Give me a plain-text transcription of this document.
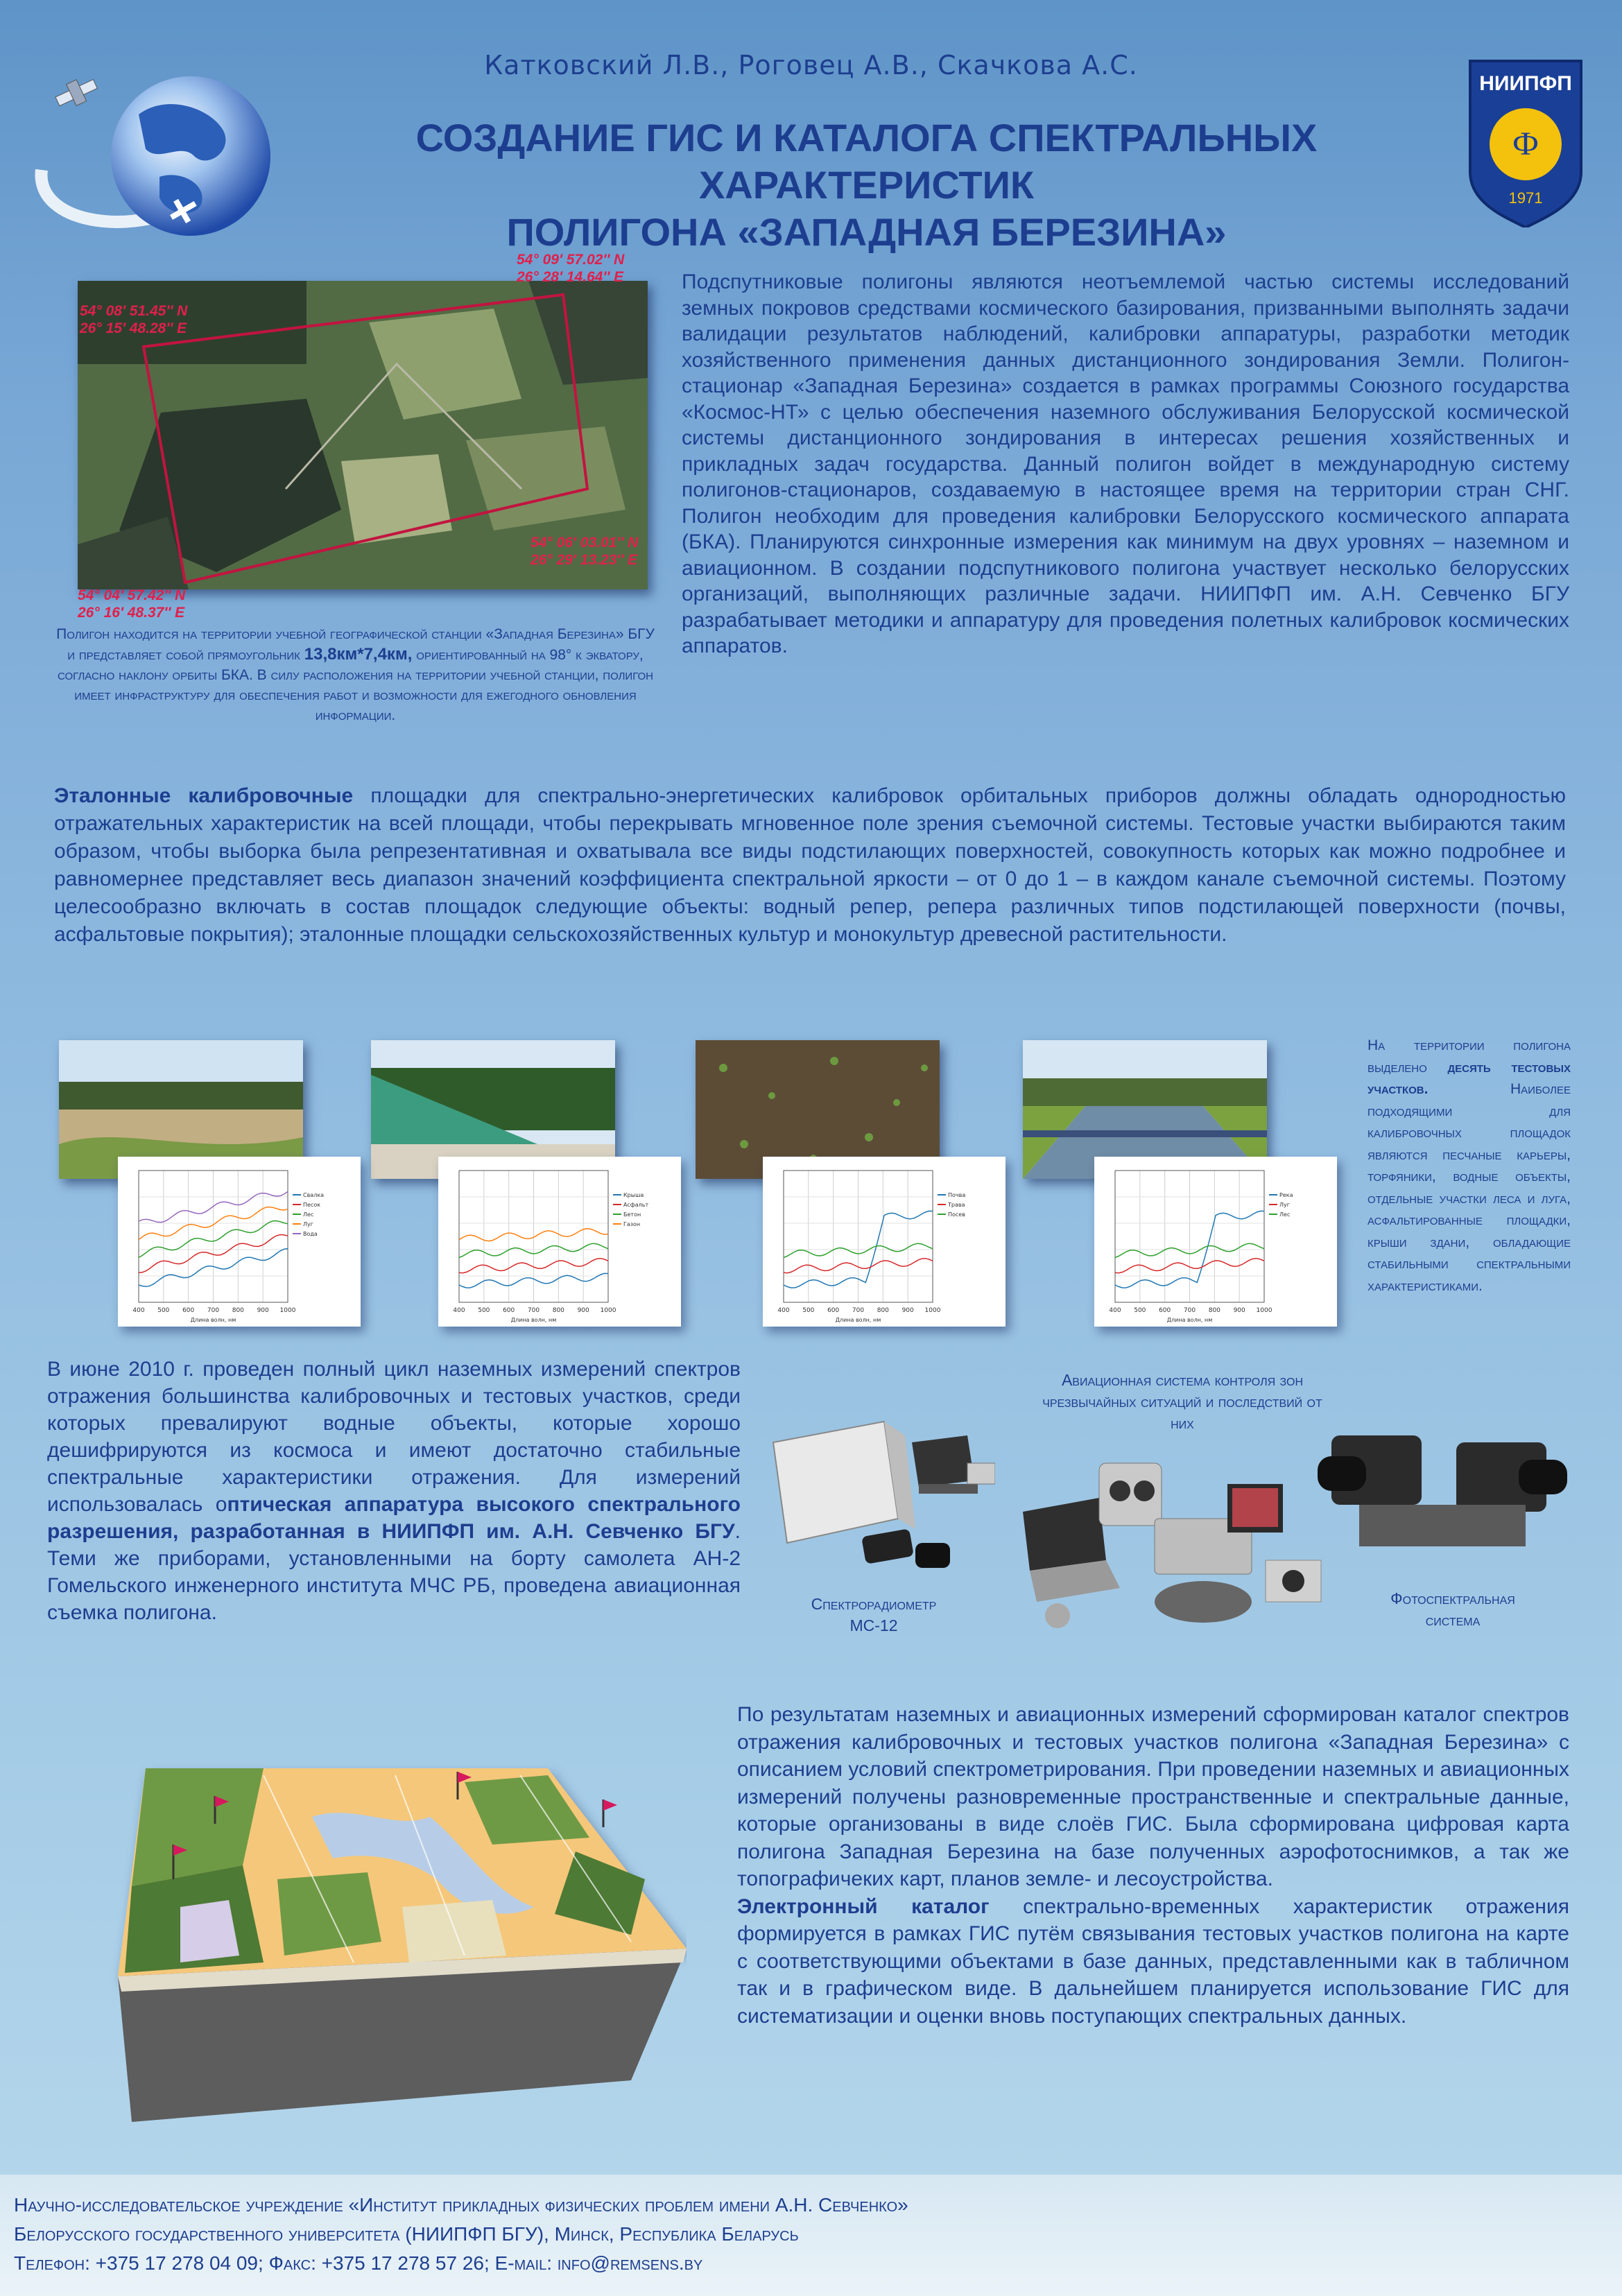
Катковский Л.В., Роговец А.В., Скачкова А.С.
СОЗДАНИЕ ГИС И КАТАЛОГА СПЕКТРАЛЬНЫХ ХАРАКТЕРИСТИК
ПОЛИГОНА «ЗАПАДНАЯ БЕРЕЗИНА»
НИИПФП
Ф
1971
54° 09' 57.02'' N
26° 28' 14.64'' E
54° 08' 51.45'' N
26° 15' 48.28'' E
54° 06' 03.01'' N
26° 29' 13.23'' E
54° 04' 57.42'' N
26° 16' 48.37'' E
Полигон находится на территории учебной географической станции «Западная Березина» БГУ и представляет собой прямоугольник 13,8км*7,4км, ориентированный на 98° к экватору, согласно наклону орбиты БКА. В силу расположения на территории учебной станции, полигон имеет инфраструктуру для обеспечения работ и возможности для ежегодного обновления информации.
Подспутниковые полигоны являются неотъемлемой частью системы исследований земных покровов средствами космического базирования, призванными выполнять задачи валидации результатов наблюдений, калибровки аппаратуры, разработки методик хозяйственного применения данных дистанционного зондирования Земли. Полигон-стационар «Западная Березина» создается в рамках программы Союзного государства «Космос-НТ» с целью обеспечения наземного обслуживания Белорусской космической системы дистанционного зондирования в интересах решения хозяйственных и прикладных задач государства. Данный полигон войдет в международную систему полигонов-стационаров, создаваемую в настоящее время на территории стран СНГ. Полигон необходим для проведения калибровки Белорусского космического аппарата (БКА). Планируются синхронные измерения как минимум на двух уровнях – наземном и авиационном. В создании подспутникового полигона участвует несколько белорусских организаций, выполняющих различные задачи. НИИПФП им. А.Н. Севченко БГУ разрабатывает методики и аппаратуру для проведения полетных калибровок космических аппаратов.
Эталонные калибровочные площадки для спектрально-энергетических калибровок орбитальных приборов должны обладать однородностью отражательных характеристик на всей площади, чтобы перекрывать мгновенное поле зрения съемочной системы. Тестовые участки выбираются таким образом, чтобы выборка была репрезентативная и охватывала все виды подстилающих поверхностей, совокупность которых как можно подробнее и равномернее представляет весь диапазон значений коэффициента спектральной яркости – от 0 до 1 – в каждом канале съемочной системы. Поэтому целесообразно включать в состав площадок следующие объекты: водный репер, репера различных типов подстилающей поверхности (почвы, асфальтовые покрытия); эталонные площадки сельскохозяйственных культур и монокультур древесной растительности.
400 500 600 700 800 900 1000
Длина волн, нм
Свалка
Песок
Лес
Луг
Вода
400 500 600 700 800 900 1000
Длина волн, нм
Крыша
Асфальт
Бетон
Газон
400 500 600 700 800 900 1000
Длина волн, нм
Почва
Трава
Посев
400 500 600 700 800 900 1000
Длина волн, нм
Река
Луг
Лес
На территории полигона выделено десять тестовых участков.	Наиболее подходящими для калибровочных площадок являются песчаные карьеры, торфяники, водные объекты, отдельные участки леса и луга, асфальтированные площадки, крыши здани, обладающие стабильными спектральными характеристиками.
В июне 2010 г. проведен полный цикл наземных измерений спектров отражения большинства калибровочных и тестовых участков, среди которых превалируют водные объекты, которые хорошо дешифрируются из космоса и имеют достаточно стабильные спектральные характеристики отражения. Для измерений использовалась оптическая аппаратура высокого спектрального разрешения, разработанная в НИИПФП им. А.Н. Севченко БГУ. Теми же приборами, установленными на борту самолета АН-2 Гомельского инженерного института МЧС РБ, проведена авиационная съемка полигона.
Авиационная система контроля зон чрезвычайных ситуаций и последствий от них
Спектрорадиометр
МС-12
Фотоспектральная
система
По результатам наземных и авиационных измерений сформирован каталог спектров отражения калибровочных и тестовых участков полигона «Западная Березина» с описанием условий спектрометрирования. При проведении наземных и авиационных измерений получены разновременные пространственные и спектральные данные, которые организованы в виде слоёв ГИС. Была сформирована цифровая карта полигона Западная Березина на базе полученных аэрофотоснимков, а так же топографичеких карт, планов земле- и лесоустройства.
Электронный каталог спектрально-временных характеристик отражения формируется в рамках ГИС путём связывания тестовых участков полигона на карте с соответствующими объектами в базе данных, представленными как в табличном так и в графическом виде. В дальнейшем планируется использование ГИС для систематизации и оценки вновь поступающих спектральных данных.
Научно-исследовательское учреждение «Институт прикладных физических проблем имени А.Н. Севченко»
Белорусского государственного университета (НИИПФП БГУ), Минск, Республика Беларусь
Телефон: +375 17 278 04 09; Факс: +375 17 278 57 26; E-mail: info@remsens.by
